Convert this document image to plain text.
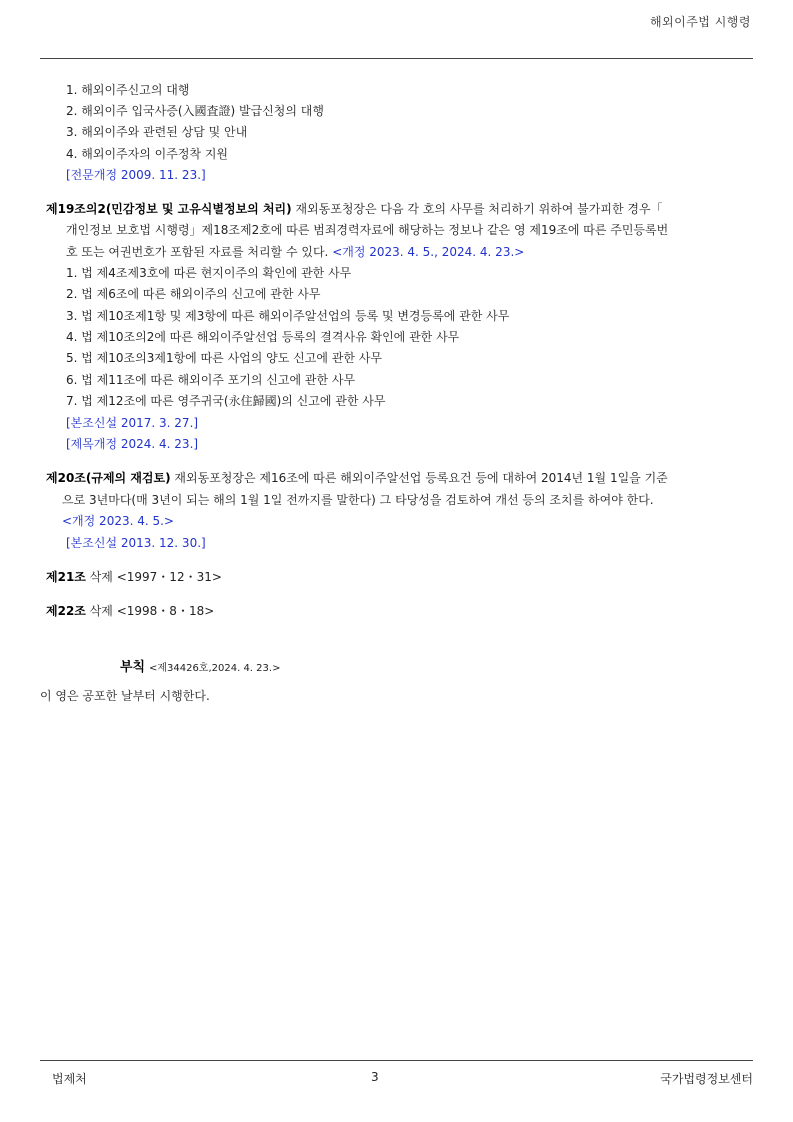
해외이주법 시행령
1. 해외이주신고의 대행
2. 해외이주 입국사증(入國査證) 발급신청의 대행
3. 해외이주와 관련된 상담 및 안내
4. 해외이주자의 이주정착 지원
[전문개정 2009. 11. 23.]
제19조의2(민감정보 및 고유식별정보의 처리) 재외동포청장은 다음 각 호의 사무를 처리하기 위하여 불가피한 경우「
개인정보 보호법 시행령」제18조제2호에 따른 범죄경력자료에 해당하는 정보나 같은 영 제19조에 따른 주민등록번
호 또는 여권번호가 포함된 자료를 처리할 수 있다. <개정 2023. 4. 5., 2024. 4. 23.>
1. 법 제4조제3호에 따른 현지이주의 확인에 관한 사무
2. 법 제6조에 따른 해외이주의 신고에 관한 사무
3. 법 제10조제1항 및 제3항에 따른 해외이주알선업의 등록 및 변경등록에 관한 사무
4. 법 제10조의2에 따른 해외이주알선업 등록의 결격사유 확인에 관한 사무
5. 법 제10조의3제1항에 따른 사업의 양도 신고에 관한 사무
6. 법 제11조에 따른 해외이주 포기의 신고에 관한 사무
7. 법 제12조에 따른 영주귀국(永住歸國)의 신고에 관한 사무
[본조신설 2017. 3. 27.]
[제목개정 2024. 4. 23.]
제20조(규제의 재검토) 재외동포청장은 제16조에 따른 해외이주알선업 등록요건 등에 대하여 2014년 1월 1일을 기준
으로 3년마다(매 3년이 되는 해의 1월 1일 전까지를 말한다) 그 타당성을 검토하여 개선 등의 조치를 하여야 한다.
<개정 2023. 4. 5.>
[본조신설 2013. 12. 30.]
제21조 삭제 <1997・12・31>
제22조 삭제 <1998・8・18>
부칙 <제34426호,2024. 4. 23.>
이 영은 공포한 날부터 시행한다.
법제처	3	국가법령정보센터
